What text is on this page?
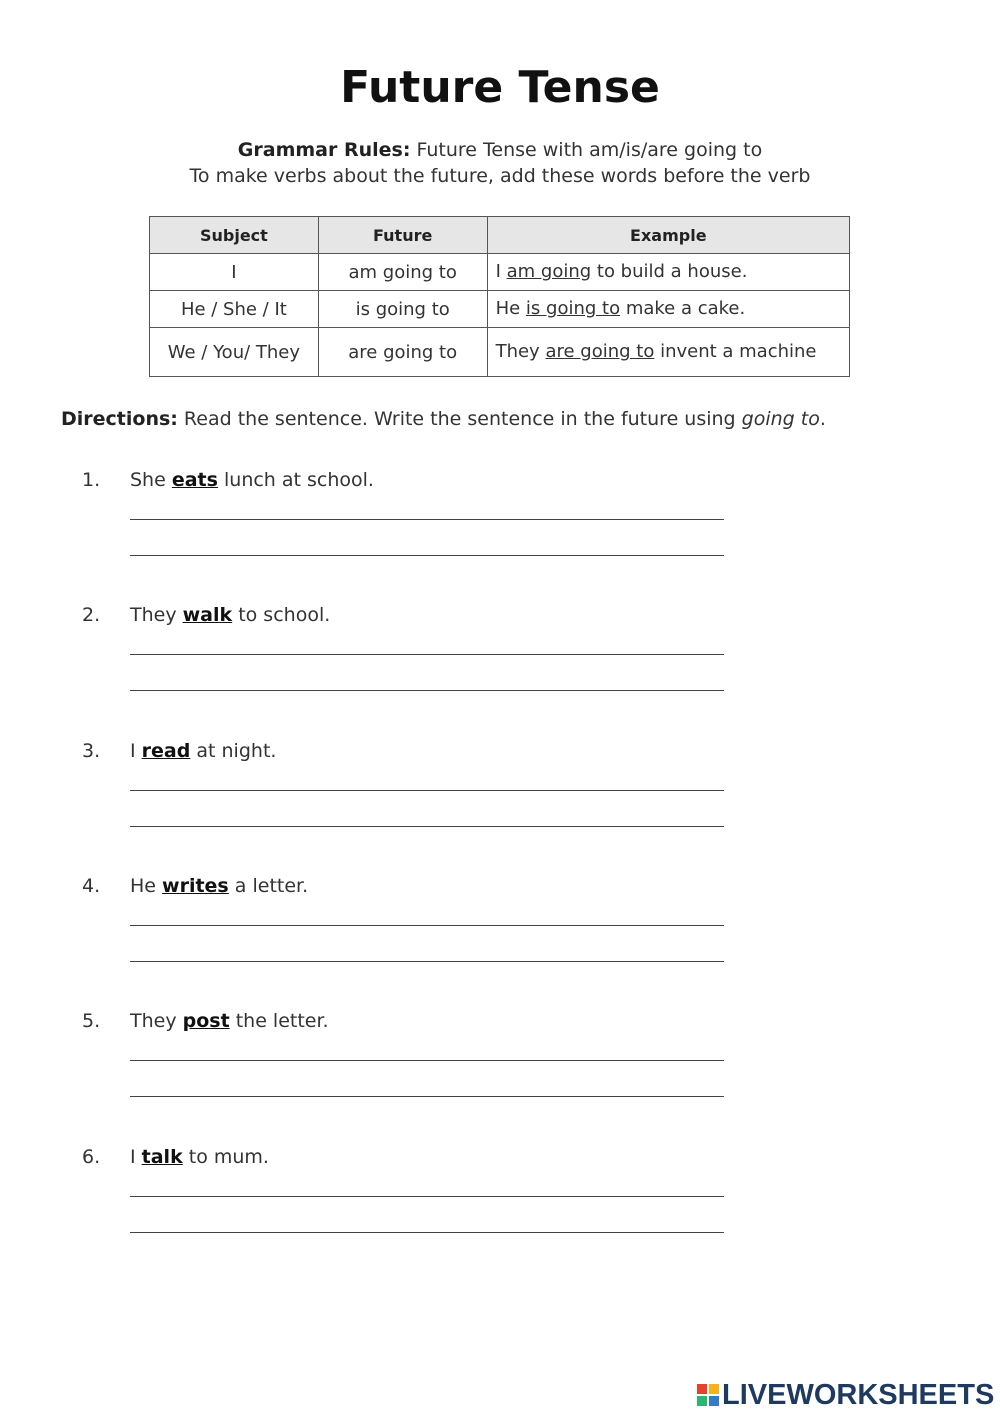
Future Tense
Grammar Rules: Future Tense with am/is/are going to
To make verbs about the future, add these words before the verb
Subject	Future	Example
I	am going to	I am going to build a house.
He / She / It	is going to	He is going to make a cake.
We / You/ They	are going to	They are going to invent a machine
Directions: Read the sentence. Write the sentence in the future using going to.
1. She eats lunch at school.
2. They walk to school.
3. I read at night.
4. He writes a letter.
5. They post the letter.
6. I talk to mum.
LIVEWORKSHEETS
